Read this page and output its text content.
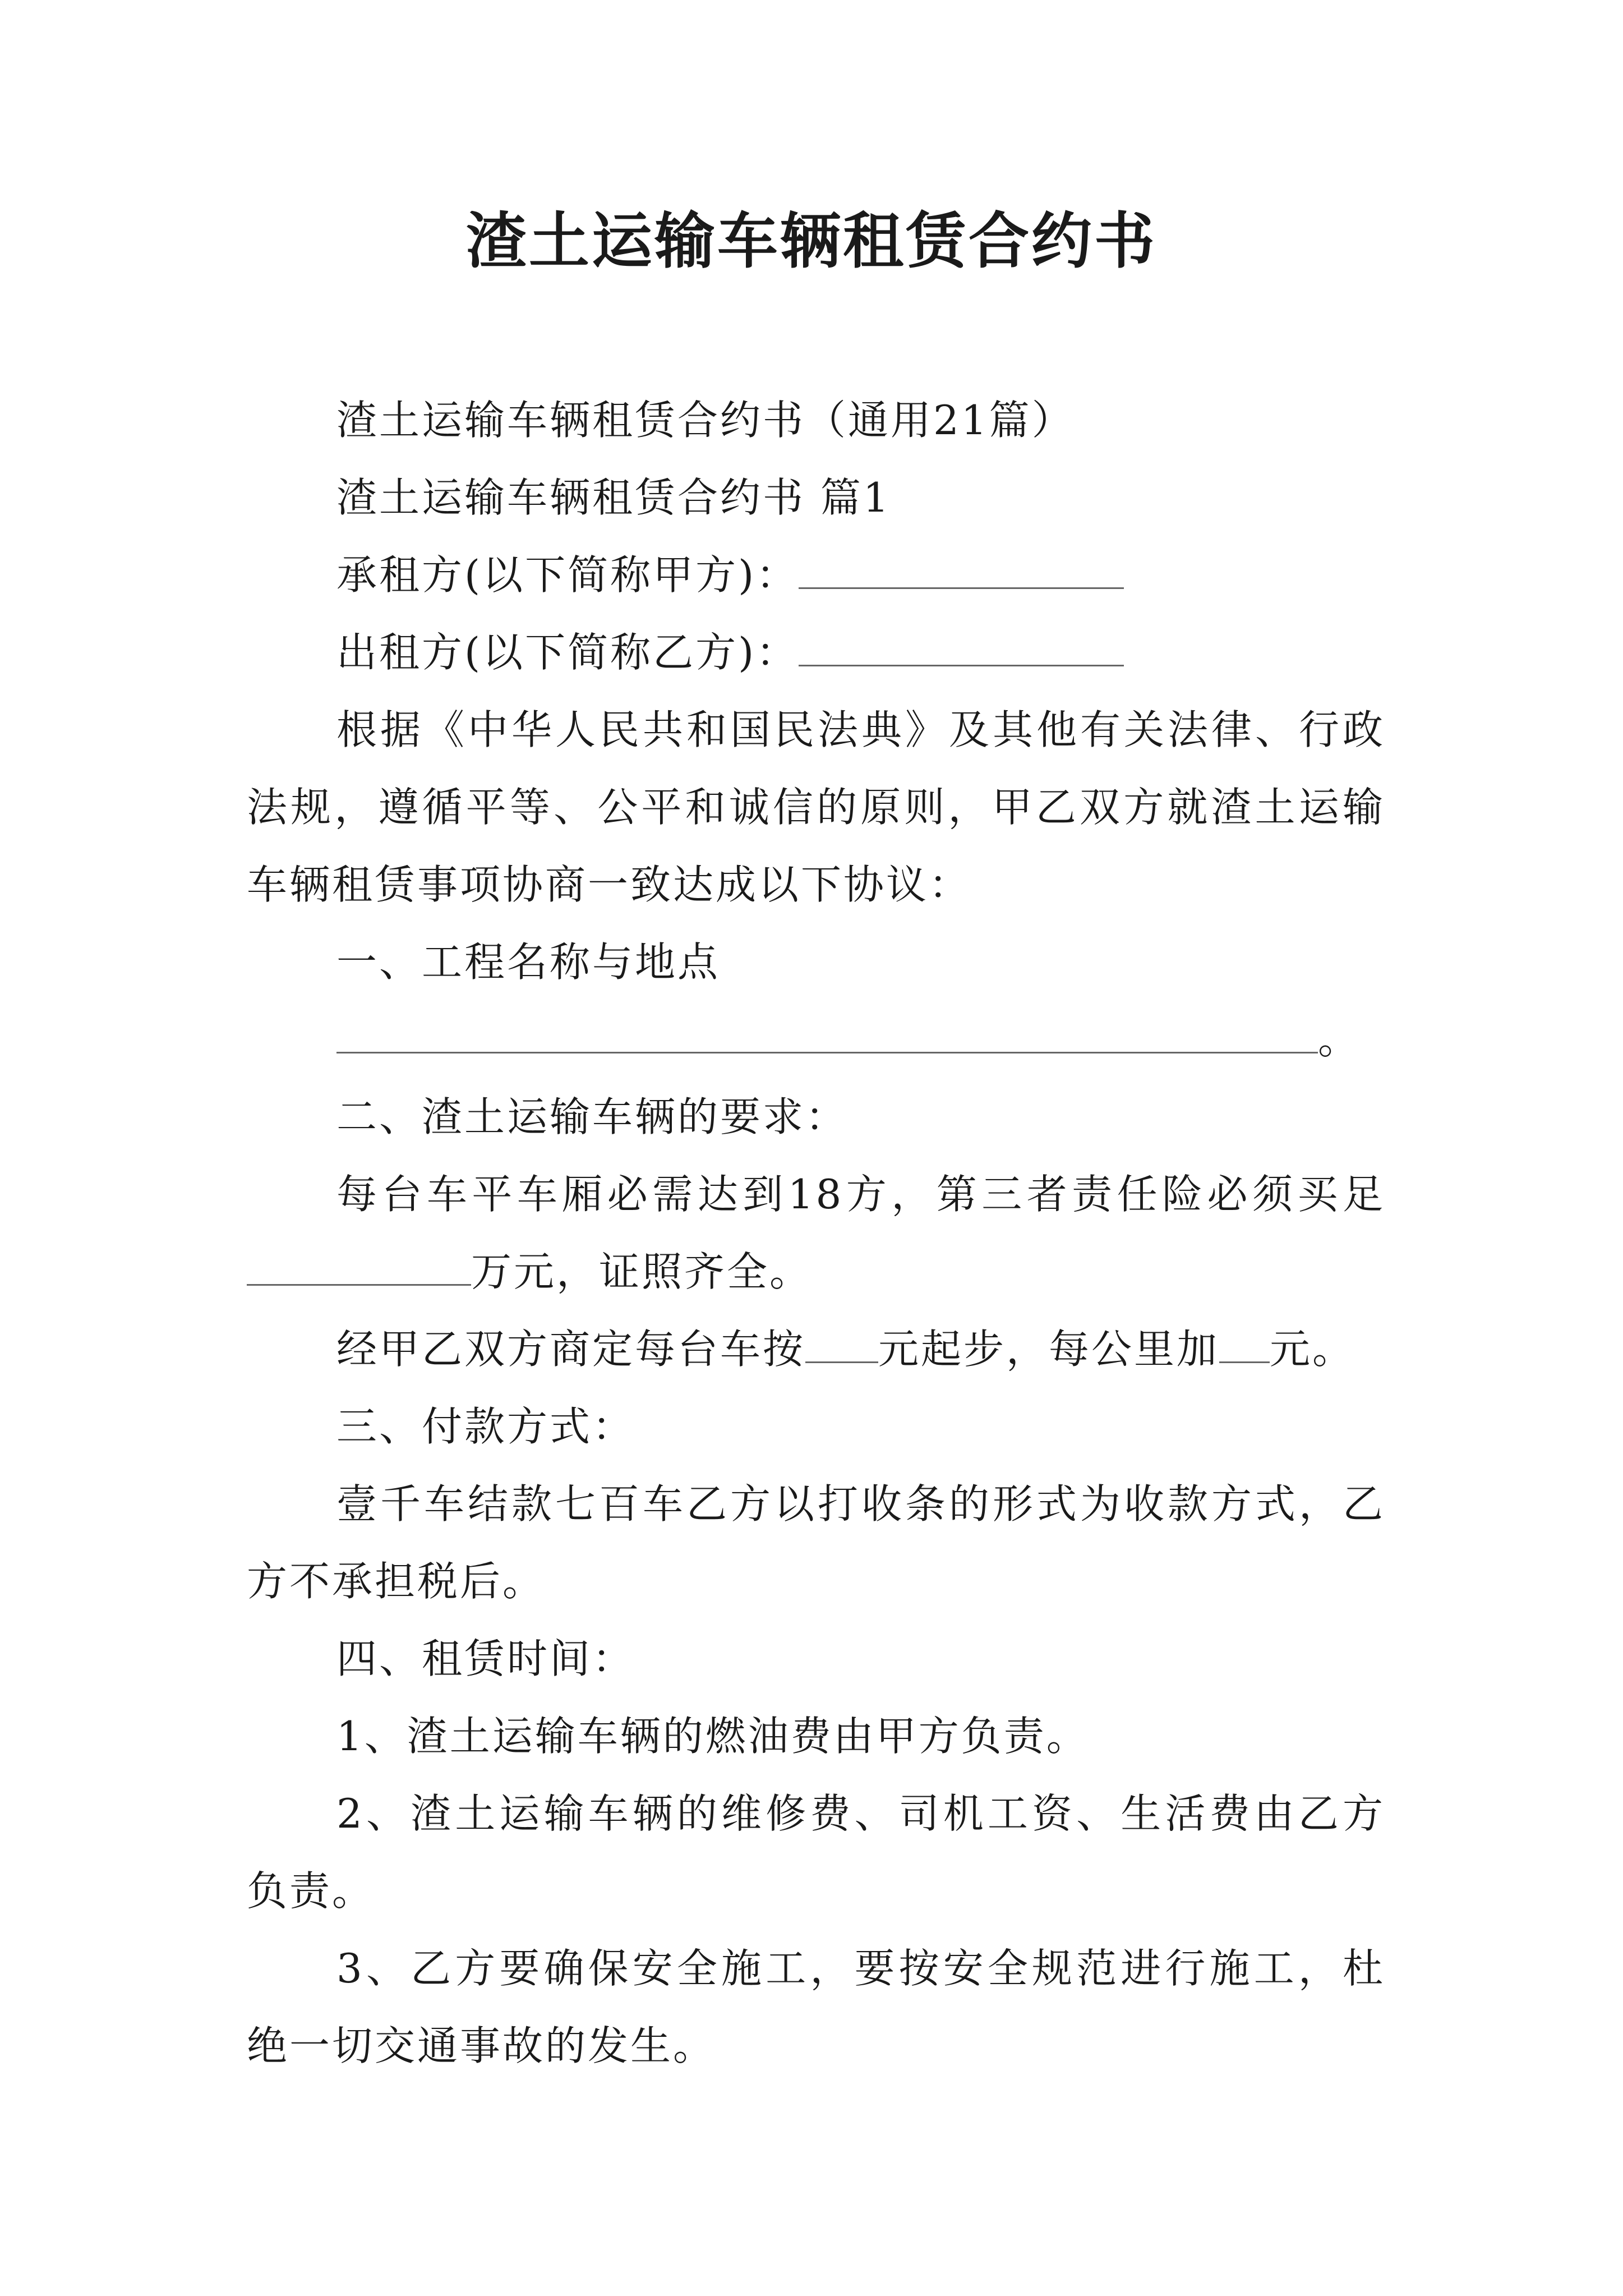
渣土运输车辆租赁合约书

渣土运输车辆租赁合约书（通用21篇）

渣土运输车辆租赁合约书 篇1

承租方(以下简称甲方)：

出租方(以下简称乙方)：

根据《中华人民共和国民法典》及其他有关法律、行政法规，遵循平等、公平和诚信的原则，甲乙双方就渣土运输车辆租赁事项协商一致达成以下协议：

一、工程名称与地点

。

二、渣土运输车辆的要求：

每台车平车厢必需达到18方，第三者责任险必须买足万元，证照齐全。

经甲乙双方商定每台车按 元起步，每公里加 元。

三、付款方式：

壹千车结款七百车乙方以打收条的形式为收款方式，乙方不承担税后。

四、租赁时间：

1、渣土运输车辆的燃油费由甲方负责。

2、渣土运输车辆的维修费、司机工资、生活费由乙方负责。

3、乙方要确保安全施工，要按安全规范进行施工，杜绝一切交通事故的发生。
